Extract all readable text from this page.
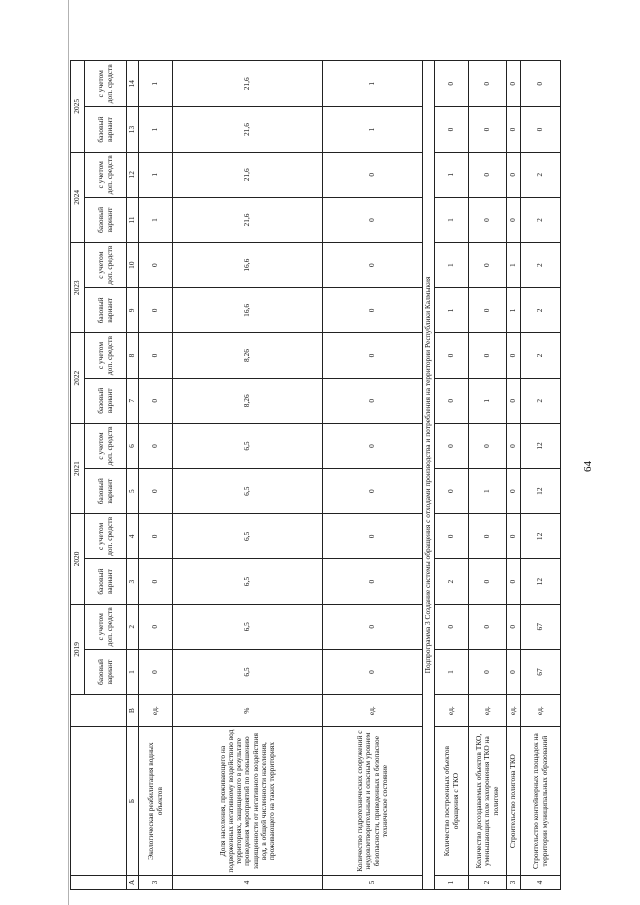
			2019		2020		2021		2022		2023		2024		2025	
			базовый вариант	с учетом доп. средств	базовый вариант	с учетом доп. средств	базовый вариант	с учетом доп. средств	базовый вариант	с учетом доп. средств	базовый вариант	с учетом доп. средств	базовый вариант	с учетом доп. средств	базовый вариант	с учетом доп. средств
А	Б	В	1	2	3	4	5	6	7	8	9	10	11	12	13	14
3	Экологическая реабилитация водных объектов	ед.	0	0	0	0	0	0	0	0	0	0	1	1	1	1
4	Доля населения, проживающего на подверженных негативному воздействию вод территориях, защищенного в результате проведения мероприятий по повышению защищенности от негативного воздействия вод, в общей численности населения, проживающего на таких территориях	%	6,5	6,5	6,5	6,5	6,5	6,5	8,26	8,26	16,6	16,6	21,6	21,6	21,6	21,6
5	Количество гидротехнических сооружений с неудовлетворительным и опасным уровнем безопасности, приведенных в безопасное техническое состояние	ед.	0	0	0	0	0	0	0	0	0	0	0	0	1	1
Подпрограмма 3 Создание системы обращения с отходами производства и потребления на территории Республики Калмыкия																
1	Количество построенных объектов обращения с ТКО	ед.	1	0	2	0	0	0	0	0	1	1	1	1	0	0
2	Количество досоздаваемых объектов ТКО, уменьшающих поле захоронения ТКО на полигоне	ед.	0	0	0	0	1	0	1	0	0	0	0	0	0	0
3	Строительство полигона ТКО	ед.	0	0	0	0	0	0	0	0	1	1	0	0	0	0
4	Строительство контейнерных площадок на территории муниципальных образований	ед.	67	67	12	12	12	12	2	2	2	2	2	2	0	0
64
